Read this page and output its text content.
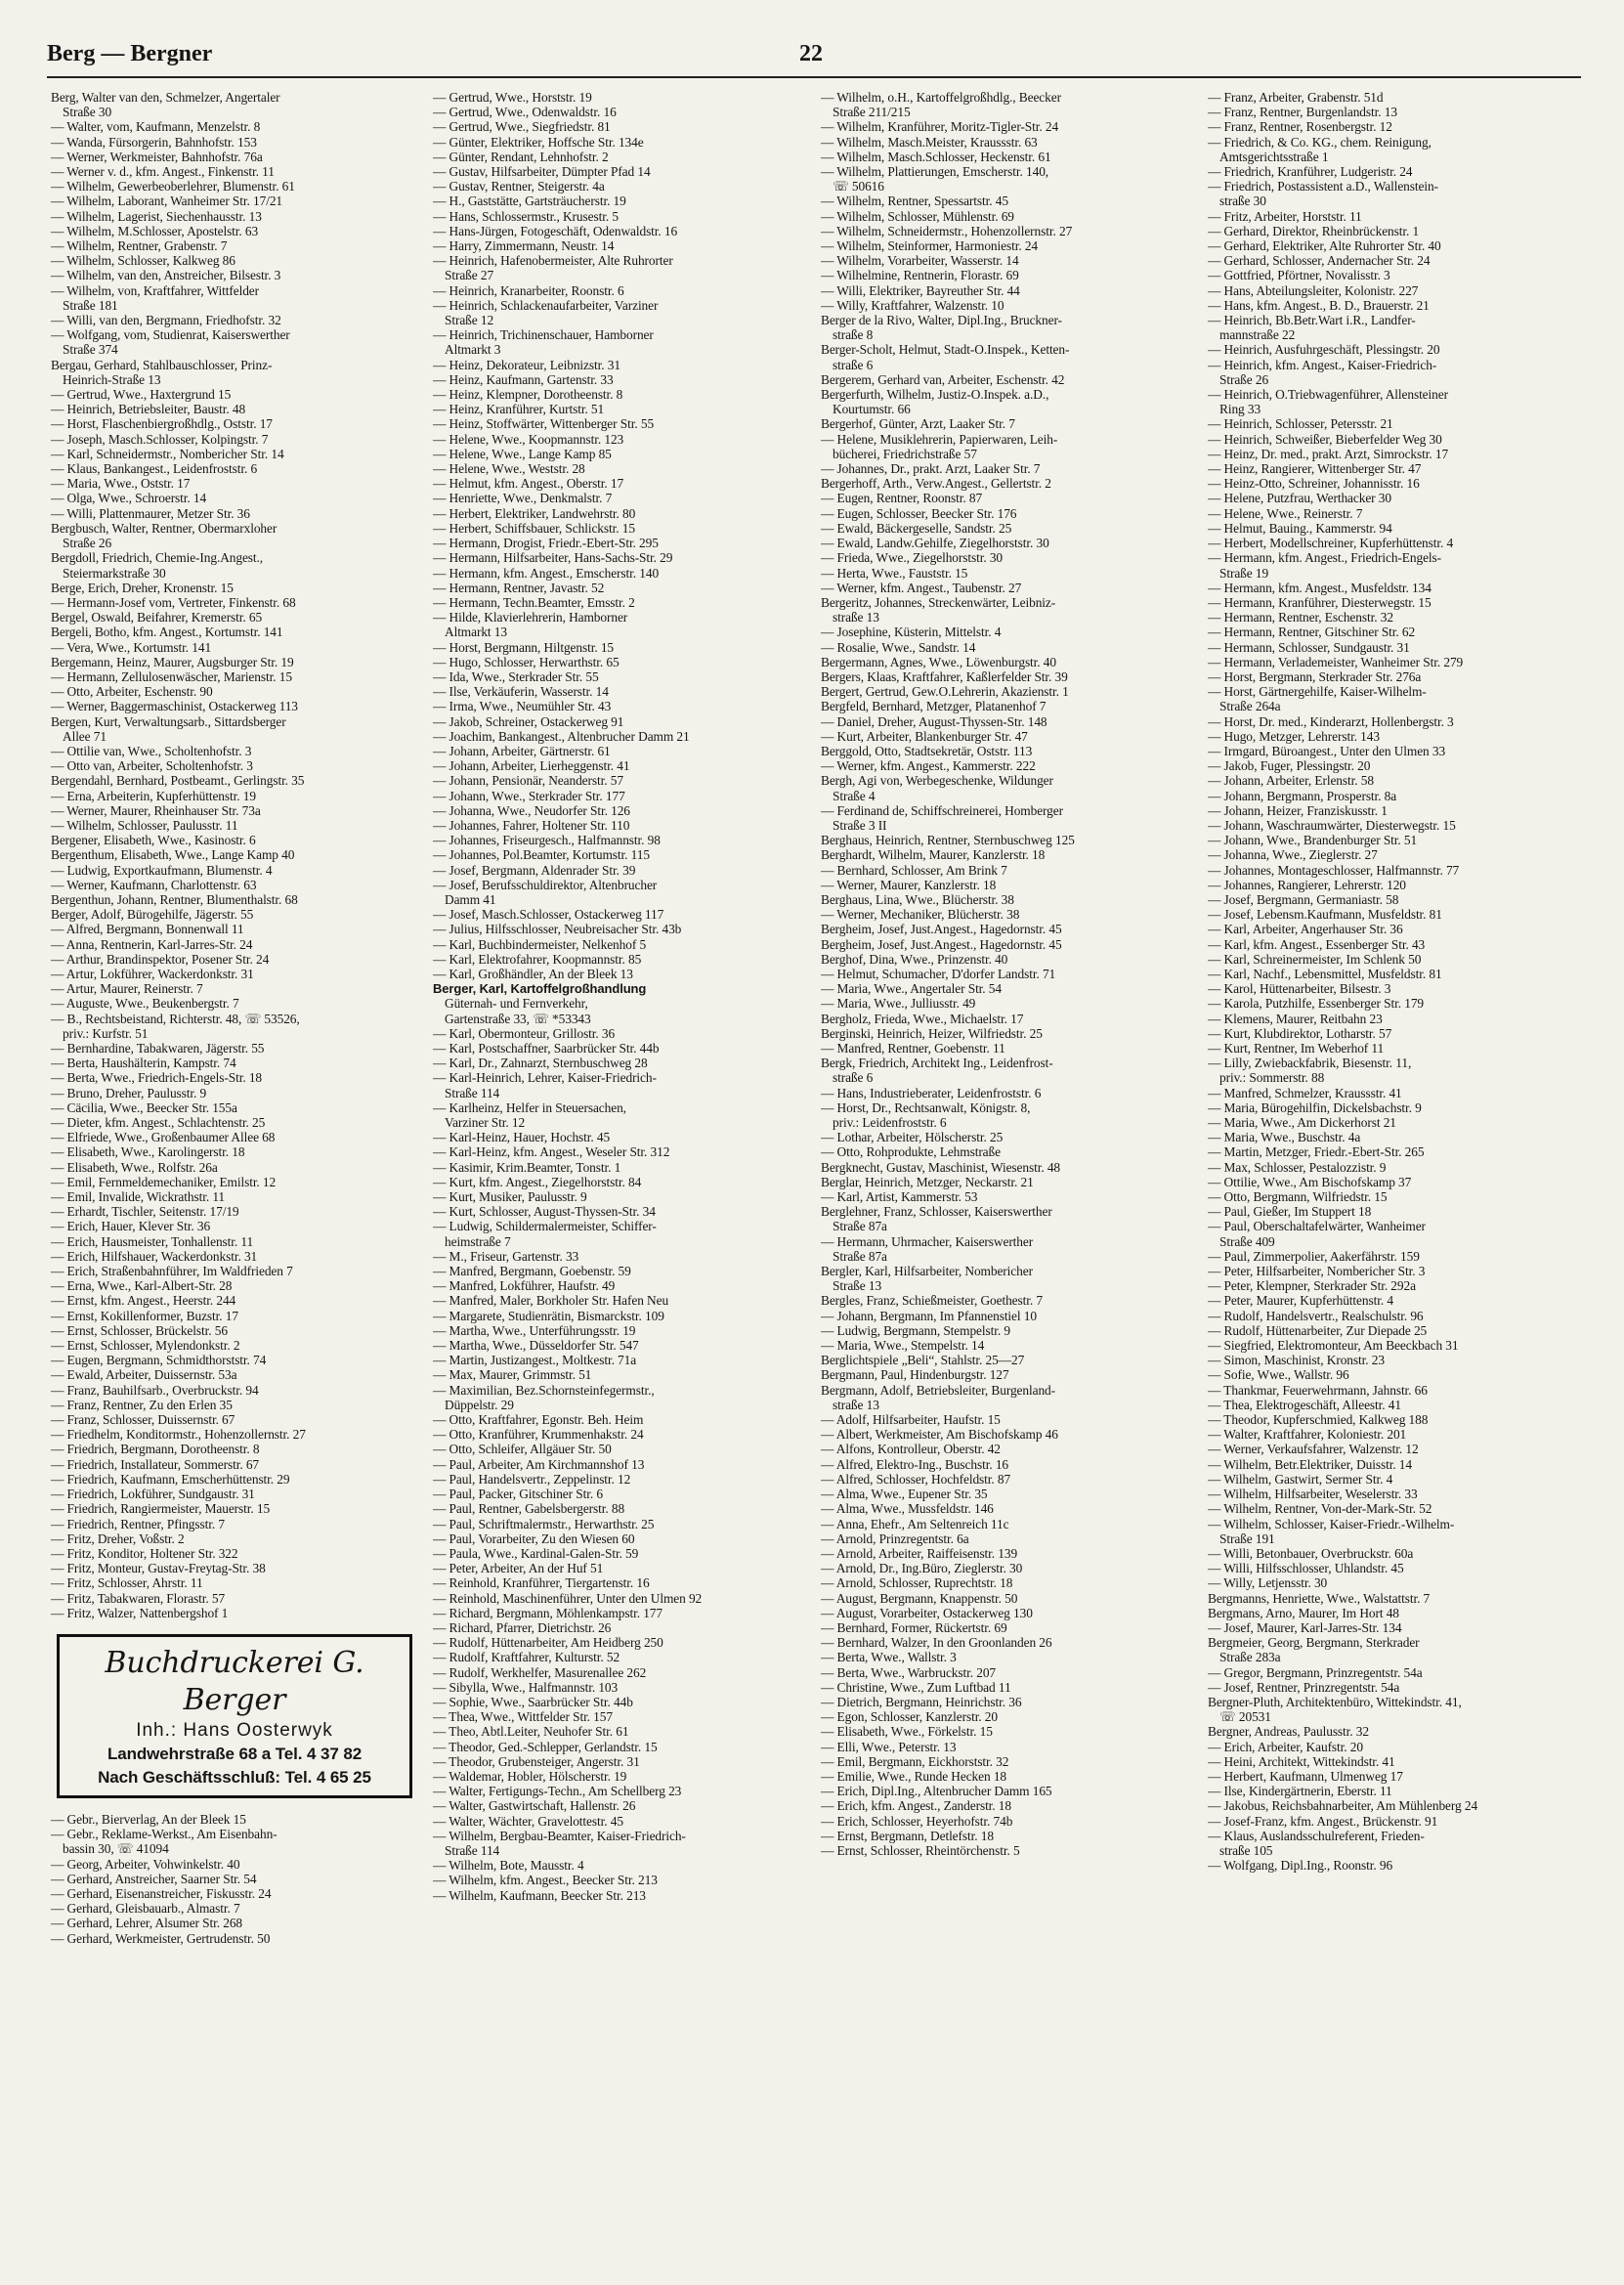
Berg — Bergner	22
Berg, Walter van den, Schmelzer, Angertaler
Straße 30
— Walter, vom, Kaufmann, Menzelstr. 8
— Wanda, Fürsorgerin, Bahnhofstr. 153
— Werner, Werkmeister, Bahnhofstr. 76a
— Werner v. d., kfm. Angest., Finkenstr. 11
— Wilhelm, Gewerbeoberlehrer, Blumenstr. 61
— Wilhelm, Laborant, Wanheimer Str. 17/21
— Wilhelm, Lagerist, Siechenhausstr. 13
— Wilhelm, M.Schlosser, Apostelstr. 63
— Wilhelm, Rentner, Grabenstr. 7
— Wilhelm, Schlosser, Kalkweg 86
— Wilhelm, van den, Anstreicher, Bilsestr. 3
— Wilhelm, von, Kraftfahrer, Wittfelder
Straße 181
— Willi, van den, Bergmann, Friedhofstr. 32
— Wolfgang, vom, Studienrat, Kaiserswerther
Straße 374
Bergau, Gerhard, Stahlbauschlosser, Prinz-
Heinrich-Straße 13
— Gertrud, Wwe., Haxtergrund 15
— Heinrich, Betriebsleiter, Baustr. 48
— Horst, Flaschenbiergroßhdlg., Oststr. 17
— Joseph, Masch.Schlosser, Kolpingstr. 7
— Karl, Schneidermstr., Nombericher Str. 14
— Klaus, Bankangest., Leidenfroststr. 6
— Maria, Wwe., Oststr. 17
— Olga, Wwe., Schroerstr. 14
— Willi, Plattenmaurer, Metzer Str. 36
Bergbusch, Walter, Rentner, Obermarxloher
Straße 26
Bergdoll, Friedrich, Chemie-Ing.Angest.,
Steiermarkstraße 30
Berge, Erich, Dreher, Kronenstr. 15
— Hermann-Josef vom, Vertreter, Finkenstr. 68
Bergel, Oswald, Beifahrer, Kremerstr. 65
Bergeli, Botho, kfm. Angest., Kortumstr. 141
— Vera, Wwe., Kortumstr. 141
Bergemann, Heinz, Maurer, Augsburger Str. 19
— Hermann, Zellulosenwäscher, Marienstr. 15
— Otto, Arbeiter, Eschenstr. 90
— Werner, Baggermaschinist, Ostackerweg 113
Bergen, Kurt, Verwaltungsarb., Sittardsberger
Allee 71
— Ottilie van, Wwe., Scholtenhofstr. 3
— Otto van, Arbeiter, Scholtenhofstr. 3
Bergendahl, Bernhard, Postbeamt., Gerlingstr. 35
— Erna, Arbeiterin, Kupferhüttenstr. 19
— Werner, Maurer, Rheinhauser Str. 73a
— Wilhelm, Schlosser, Paulusstr. 11
Bergener, Elisabeth, Wwe., Kasinostr. 6
Bergenthum, Elisabeth, Wwe., Lange Kamp 40
— Ludwig, Exportkaufmann, Blumenstr. 4
— Werner, Kaufmann, Charlottenstr. 63
Bergenthun, Johann, Rentner, Blumenthalstr. 68
Berger, Adolf, Bürogehilfe, Jägerstr. 55
— Alfred, Bergmann, Bonnenwall 11
— Anna, Rentnerin, Karl-Jarres-Str. 24
— Arthur, Brandinspektor, Posener Str. 24
— Artur, Lokführer, Wackerdonkstr. 31
— Artur, Maurer, Reinerstr. 7
— Auguste, Wwe., Beukenbergstr. 7
— B., Rechtsbeistand, Richterstr. 48, ☏ 53526,
priv.: Kurfstr. 51
— Bernhardine, Tabakwaren, Jägerstr. 55
— Berta, Haushälterin, Kampstr. 74
— Berta, Wwe., Friedrich-Engels-Str. 18
— Bruno, Dreher, Paulusstr. 9
— Cäcilia, Wwe., Beecker Str. 155a
— Dieter, kfm. Angest., Schlachtenstr. 25
— Elfriede, Wwe., Großenbaumer Allee 68
— Elisabeth, Wwe., Karolingerstr. 18
— Elisabeth, Wwe., Rolfstr. 26a
— Emil, Fernmeldemechaniker, Emilstr. 12
— Emil, Invalide, Wickrathstr. 11
— Erhardt, Tischler, Seitenstr. 17/19
— Erich, Hauer, Klever Str. 36
— Erich, Hausmeister, Tonhallenstr. 11
— Erich, Hilfshauer, Wackerdonkstr. 31
— Erich, Straßenbahnführer, Im Waldfrieden 7
— Erna, Wwe., Karl-Albert-Str. 28
— Ernst, kfm. Angest., Heerstr. 244
— Ernst, Kokillenformer, Buzstr. 17
— Ernst, Schlosser, Brückelstr. 56
— Ernst, Schlosser, Mylendonkstr. 2
— Eugen, Bergmann, Schmidthorststr. 74
— Ewald, Arbeiter, Duissernstr. 53a
— Franz, Bauhilfsarb., Overbruckstr. 94
— Franz, Rentner, Zu den Erlen 35
— Franz, Schlosser, Duissernstr. 67
— Friedhelm, Konditormstr., Hohenzollernstr. 27
— Friedrich, Bergmann, Dorotheenstr. 8
— Friedrich, Installateur, Sommerstr. 67
— Friedrich, Kaufmann, Emscherhüttenstr. 29
— Friedrich, Lokführer, Sundgaustr. 31
— Friedrich, Rangiermeister, Mauerstr. 15
— Friedrich, Rentner, Pfingsstr. 7
— Fritz, Dreher, Voßstr. 2
— Fritz, Konditor, Holtener Str. 322
— Fritz, Monteur, Gustav-Freytag-Str. 38
— Fritz, Schlosser, Ahrstr. 11
— Fritz, Tabakwaren, Florastr. 57
— Fritz, Walzer, Nattenbergshof 1
Buchdruckerei G. Berger
Inh.: Hans Oosterwyk
Landwehrstraße 68 a Tel. 4 37 82
Nach Geschäftsschluß: Tel. 4 65 25
— Gebr., Bierverlag, An der Bleek 15
— Gebr., Reklame-Werkst., Am Eisenbahn-
bassin 30, ☏ 41094
— Georg, Arbeiter, Vohwinkelstr. 40
— Gerhard, Anstreicher, Saarner Str. 54
— Gerhard, Eisenanstreicher, Fiskusstr. 24
— Gerhard, Gleisbauarb., Almastr. 7
— Gerhard, Lehrer, Alsumer Str. 268
— Gerhard, Werkmeister, Gertrudenstr. 50
— Gertrud, Wwe., Horststr. 19
— Gertrud, Wwe., Odenwaldstr. 16
— Gertrud, Wwe., Siegfriedstr. 81
— Günter, Elektriker, Hoffsche Str. 134e
— Günter, Rendant, Lehnhofstr. 2
— Gustav, Hilfsarbeiter, Dümpter Pfad 14
— Gustav, Rentner, Steigerstr. 4a
— H., Gaststätte, Gartsträucherstr. 19
— Hans, Schlossermstr., Krusestr. 5
— Hans-Jürgen, Fotogeschäft, Odenwaldstr. 16
— Harry, Zimmermann, Neustr. 14
— Heinrich, Hafenobermeister, Alte Ruhrorter
Straße 27
— Heinrich, Kranarbeiter, Roonstr. 6
— Heinrich, Schlackenaufarbeiter, Varziner
Straße 12
— Heinrich, Trichinenschauer, Hamborner
Altmarkt 3
— Heinz, Dekorateur, Leibnizstr. 31
— Heinz, Kaufmann, Gartenstr. 33
— Heinz, Klempner, Dorotheenstr. 8
— Heinz, Kranführer, Kurtstr. 51
— Heinz, Stoffwärter, Wittenberger Str. 55
— Helene, Wwe., Koopmannstr. 123
— Helene, Wwe., Lange Kamp 85
— Helene, Wwe., Weststr. 28
— Helmut, kfm. Angest., Oberstr. 17
— Henriette, Wwe., Denkmalstr. 7
— Herbert, Elektriker, Landwehrstr. 80
— Herbert, Schiffsbauer, Schlickstr. 15
— Hermann, Drogist, Friedr.-Ebert-Str. 295
— Hermann, Hilfsarbeiter, Hans-Sachs-Str. 29
— Hermann, kfm. Angest., Emscherstr. 140
— Hermann, Rentner, Javastr. 52
— Hermann, Techn.Beamter, Emsstr. 2
— Hilde, Klavierlehrerin, Hamborner
Altmarkt 13
— Horst, Bergmann, Hiltgenstr. 15
— Hugo, Schlosser, Herwarthstr. 65
— Ida, Wwe., Sterkrader Str. 55
— Ilse, Verkäuferin, Wasserstr. 14
— Irma, Wwe., Neumühler Str. 43
— Jakob, Schreiner, Ostackerweg 91
— Joachim, Bankangest., Altenbrucher Damm 21
— Johann, Arbeiter, Gärtnerstr. 61
— Johann, Arbeiter, Lierheggenstr. 41
— Johann, Pensionär, Neanderstr. 57
— Johann, Wwe., Sterkrader Str. 177
— Johanna, Wwe., Neudorfer Str. 126
— Johannes, Fahrer, Holtener Str. 110
— Johannes, Friseurgesch., Halfmannstr. 98
— Johannes, Pol.Beamter, Kortumstr. 115
— Josef, Bergmann, Aldenrader Str. 39
— Josef, Berufsschuldirektor, Altenbrucher
Damm 41
— Josef, Masch.Schlosser, Ostackerweg 117
— Julius, Hilfsschlosser, Neubreisacher Str. 43b
— Karl, Buchbindermeister, Nelkenhof 5
— Karl, Elektrofahrer, Koopmannstr. 85
— Karl, Großhändler, An der Bleek 13
Berger, Karl, Kartoffelgroßhandlung
Güternah- und Fernverkehr,
Gartenstraße 33, ☏ *53343
— Karl, Obermonteur, Grillostr. 36
— Karl, Postschaffner, Saarbrücker Str. 44b
— Karl, Dr., Zahnarzt, Sternbuschweg 28
— Karl-Heinrich, Lehrer, Kaiser-Friedrich-
Straße 114
— Karlheinz, Helfer in Steuersachen,
Varziner Str. 12
— Karl-Heinz, Hauer, Hochstr. 45
— Karl-Heinz, kfm. Angest., Weseler Str. 312
— Kasimir, Krim.Beamter, Tonstr. 1
— Kurt, kfm. Angest., Ziegelhorststr. 84
— Kurt, Musiker, Paulusstr. 9
— Kurt, Schlosser, August-Thyssen-Str. 34
— Ludwig, Schildermalermeister, Schiffer-
heimstraße 7
— M., Friseur, Gartenstr. 33
— Manfred, Bergmann, Goebenstr. 59
— Manfred, Lokführer, Haufstr. 49
— Manfred, Maler, Borkholer Str. Hafen Neu
— Margarete, Studienrätin, Bismarckstr. 109
— Martha, Wwe., Unterführungsstr. 19
— Martha, Wwe., Düsseldorfer Str. 547
— Martin, Justizangest., Moltkestr. 71a
— Max, Maurer, Grimmstr. 51
— Maximilian, Bez.Schornsteinfegermstr.,
Düppelstr. 29
— Otto, Kraftfahrer, Egonstr. Beh. Heim
— Otto, Kranführer, Krummenhakstr. 24
— Otto, Schleifer, Allgäuer Str. 50
— Paul, Arbeiter, Am Kirchmannshof 13
— Paul, Handelsvertr., Zeppelinstr. 12
— Paul, Packer, Gitschiner Str. 6
— Paul, Rentner, Gabelsbergerstr. 88
— Paul, Schriftmalermstr., Herwarthstr. 25
— Paul, Vorarbeiter, Zu den Wiesen 60
— Paula, Wwe., Kardinal-Galen-Str. 59
— Peter, Arbeiter, An der Huf 51
— Reinhold, Kranführer, Tiergartenstr. 16
— Reinhold, Maschinenführer, Unter den Ulmen 92
— Richard, Bergmann, Möhlenkampstr. 177
— Richard, Pfarrer, Dietrichstr. 26
— Rudolf, Hüttenarbeiter, Am Heidberg 250
— Rudolf, Kraftfahrer, Kulturstr. 52
— Rudolf, Werkhelfer, Masurenallee 262
— Sibylla, Wwe., Halfmannstr. 103
— Sophie, Wwe., Saarbrücker Str. 44b
— Thea, Wwe., Wittfelder Str. 157
— Theo, Abtl.Leiter, Neuhofer Str. 61
— Theodor, Ged.-Schlepper, Gerlandstr. 15
— Theodor, Grubensteiger, Angerstr. 31
— Waldemar, Hobler, Hölscherstr. 19
— Walter, Fertigungs-Techn., Am Schellberg 23
— Walter, Gastwirtschaft, Hallenstr. 26
— Walter, Wächter, Gravelottestr. 45
— Wilhelm, Bergbau-Beamter, Kaiser-Friedrich-
Straße 114
— Wilhelm, Bote, Mausstr. 4
— Wilhelm, kfm. Angest., Beecker Str. 213
— Wilhelm, Kaufmann, Beecker Str. 213
— Wilhelm, o.H., Kartoffelgroßhdlg., Beecker
Straße 211/215
— Wilhelm, Kranführer, Moritz-Tigler-Str. 24
— Wilhelm, Masch.Meister, Kraussstr. 63
— Wilhelm, Masch.Schlosser, Heckenstr. 61
— Wilhelm, Plattierungen, Emscherstr. 140,
☏ 50616
— Wilhelm, Rentner, Spessartstr. 45
— Wilhelm, Schlosser, Mühlenstr. 69
— Wilhelm, Schneidermstr., Hohenzollernstr. 27
— Wilhelm, Steinformer, Harmoniestr. 24
— Wilhelm, Vorarbeiter, Wasserstr. 14
— Wilhelmine, Rentnerin, Florastr. 69
— Willi, Elektriker, Bayreuther Str. 44
— Willy, Kraftfahrer, Walzenstr. 10
Berger de la Rivo, Walter, Dipl.Ing., Bruckner-
straße 8
Berger-Scholt, Helmut, Stadt-O.Inspek., Ketten-
straße 6
Bergerem, Gerhard van, Arbeiter, Eschenstr. 42
Bergerfurth, Wilhelm, Justiz-O.Inspek. a.D.,
Kourtumstr. 66
Bergerhof, Günter, Arzt, Laaker Str. 7
— Helene, Musiklehrerin, Papierwaren, Leih-
bücherei, Friedrichstraße 57
— Johannes, Dr., prakt. Arzt, Laaker Str. 7
Bergerhoff, Arth., Verw.Angest., Gellertstr. 2
— Eugen, Rentner, Roonstr. 87
— Eugen, Schlosser, Beecker Str. 176
— Ewald, Bäckergeselle, Sandstr. 25
— Ewald, Landw.Gehilfe, Ziegelhorststr. 30
— Frieda, Wwe., Ziegelhorststr. 30
— Herta, Wwe., Fauststr. 15
— Werner, kfm. Angest., Taubenstr. 27
Bergeritz, Johannes, Streckenwärter, Leibniz-
straße 13
— Josephine, Küsterin, Mittelstr. 4
— Rosalie, Wwe., Sandstr. 14
Bergermann, Agnes, Wwe., Löwenburgstr. 40
Bergers, Klaas, Kraftfahrer, Kaßlerfelder Str. 39
Bergert, Gertrud, Gew.O.Lehrerin, Akazienstr. 1
Bergfeld, Bernhard, Metzger, Platanenhof 7
— Daniel, Dreher, August-Thyssen-Str. 148
— Kurt, Arbeiter, Blankenburger Str. 47
Berggold, Otto, Stadtsekretär, Oststr. 113
— Werner, kfm. Angest., Kammerstr. 222
Bergh, Agi von, Werbegeschenke, Wildunger
Straße 4
— Ferdinand de, Schiffschreinerei, Homberger
Straße 3 II
Berghaus, Heinrich, Rentner, Sternbuschweg 125
Berghardt, Wilhelm, Maurer, Kanzlerstr. 18
— Bernhard, Schlosser, Am Brink 7
— Werner, Maurer, Kanzlerstr. 18
Berghaus, Lina, Wwe., Blücherstr. 38
— Werner, Mechaniker, Blücherstr. 38
Bergheim, Josef, Just.Angest., Hagedornstr. 45
Bergheim, Josef, Just.Angest., Hagedornstr. 45
Berghof, Dina, Wwe., Prinzenstr. 40
— Helmut, Schumacher, D'dorfer Landstr. 71
— Maria, Wwe., Angertaler Str. 54
— Maria, Wwe., Julliusstr. 49
Bergholz, Frieda, Wwe., Michaelstr. 17
Berginski, Heinrich, Heizer, Wilfriedstr. 25
— Manfred, Rentner, Goebenstr. 11
Bergk, Friedrich, Architekt Ing., Leidenfrost-
straße 6
— Hans, Industrieberater, Leidenfroststr. 6
— Horst, Dr., Rechtsanwalt, Königstr. 8,
priv.: Leidenfroststr. 6
— Lothar, Arbeiter, Hölscherstr. 25
— Otto, Rohprodukte, Lehmstraße
Bergknecht, Gustav, Maschinist, Wiesenstr. 48
Berglar, Heinrich, Metzger, Neckarstr. 21
— Karl, Artist, Kammerstr. 53
Berglehner, Franz, Schlosser, Kaiserswerther
Straße 87a
— Hermann, Uhrmacher, Kaiserswerther
Straße 87a
Bergler, Karl, Hilfsarbeiter, Nombericher
Straße 13
Bergles, Franz, Schießmeister, Goethestr. 7
— Johann, Bergmann, Im Pfannenstiel 10
— Ludwig, Bergmann, Stempelstr. 9
— Maria, Wwe., Stempelstr. 14
Berglichtspiele „Beli“, Stahlstr. 25—27
Bergmann, Paul, Hindenburgstr. 127
Bergmann, Adolf, Betriebsleiter, Burgenland-
straße 13
— Adolf, Hilfsarbeiter, Haufstr. 15
— Albert, Werkmeister, Am Bischofskamp 46
— Alfons, Kontrolleur, Oberstr. 42
— Alfred, Elektro-Ing., Buschstr. 16
— Alfred, Schlosser, Hochfeldstr. 87
— Alma, Wwe., Eupener Str. 35
— Alma, Wwe., Mussfeldstr. 146
— Anna, Ehefr., Am Seltenreich 11c
— Arnold, Prinzregentstr. 6a
— Arnold, Arbeiter, Raiffeisenstr. 139
— Arnold, Dr., Ing.Büro, Zieglerstr. 30
— Arnold, Schlosser, Ruprechtstr. 18
— August, Bergmann, Knappenstr. 50
— August, Vorarbeiter, Ostackerweg 130
— Bernhard, Former, Rückertstr. 69
— Bernhard, Walzer, In den Groonlanden 26
— Berta, Wwe., Wallstr. 3
— Berta, Wwe., Warbruckstr. 207
— Christine, Wwe., Zum Luftbad 11
— Dietrich, Bergmann, Heinrichstr. 36
— Egon, Schlosser, Kanzlerstr. 20
— Elisabeth, Wwe., Förkelstr. 15
— Elli, Wwe., Peterstr. 13
— Emil, Bergmann, Eickhorststr. 32
— Emilie, Wwe., Runde Hecken 18
— Erich, Dipl.Ing., Altenbrucher Damm 165
— Erich, kfm. Angest., Zanderstr. 18
— Erich, Schlosser, Heyerhofstr. 74b
— Ernst, Bergmann, Detlefstr. 18
— Ernst, Schlosser, Rheintörchenstr. 5
— Franz, Arbeiter, Grabenstr. 51d
— Franz, Rentner, Burgenlandstr. 13
— Franz, Rentner, Rosenbergstr. 12
— Friedrich, & Co. KG., chem. Reinigung,
Amtsgerichtsstraße 1
— Friedrich, Kranführer, Ludgeristr. 24
— Friedrich, Postassistent a.D., Wallenstein-
straße 30
— Fritz, Arbeiter, Horststr. 11
— Gerhard, Direktor, Rheinbrückenstr. 1
— Gerhard, Elektriker, Alte Ruhrorter Str. 40
— Gerhard, Schlosser, Andernacher Str. 24
— Gottfried, Pförtner, Novalisstr. 3
— Hans, Abteilungsleiter, Kolonistr. 227
— Hans, kfm. Angest., B. D., Brauerstr. 21
— Heinrich, Bb.Betr.Wart i.R., Landfer-
mannstraße 22
— Heinrich, Ausfuhrgeschäft, Plessingstr. 20
— Heinrich, kfm. Angest., Kaiser-Friedrich-
Straße 26
— Heinrich, O.Triebwagenführer, Allensteiner
Ring 33
— Heinrich, Schlosser, Petersstr. 21
— Heinrich, Schweißer, Bieberfelder Weg 30
— Heinz, Dr. med., prakt. Arzt, Simrockstr. 17
— Heinz, Rangierer, Wittenberger Str. 47
— Heinz-Otto, Schreiner, Johannisstr. 16
— Helene, Putzfrau, Werthacker 30
— Helene, Wwe., Reinerstr. 7
— Helmut, Bauing., Kammerstr. 94
— Herbert, Modellschreiner, Kupferhüttenstr. 4
— Hermann, kfm. Angest., Friedrich-Engels-
Straße 19
— Hermann, kfm. Angest., Musfeldstr. 134
— Hermann, Kranführer, Diesterwegstr. 15
— Hermann, Rentner, Eschenstr. 32
— Hermann, Rentner, Gitschiner Str. 62
— Hermann, Schlosser, Sundgaustr. 31
— Hermann, Verlademeister, Wanheimer Str. 279
— Horst, Bergmann, Sterkrader Str. 276a
— Horst, Gärtnergehilfe, Kaiser-Wilhelm-
Straße 264a
— Horst, Dr. med., Kinderarzt, Hollenbergstr. 3
— Hugo, Metzger, Lehrerstr. 143
— Irmgard, Büroangest., Unter den Ulmen 33
— Jakob, Fuger, Plessingstr. 20
— Johann, Arbeiter, Erlenstr. 58
— Johann, Bergmann, Prosperstr. 8a
— Johann, Heizer, Franziskusstr. 1
— Johann, Waschraumwärter, Diesterwegstr. 15
— Johann, Wwe., Brandenburger Str. 51
— Johanna, Wwe., Zieglerstr. 27
— Johannes, Montageschlosser, Halfmannstr. 77
— Johannes, Rangierer, Lehrerstr. 120
— Josef, Bergmann, Germaniastr. 58
— Josef, Lebensm.Kaufmann, Musfeldstr. 81
— Karl, Arbeiter, Angerhauser Str. 36
— Karl, kfm. Angest., Essenberger Str. 43
— Karl, Schreinermeister, Im Schlenk 50
— Karl, Nachf., Lebensmittel, Musfeldstr. 81
— Karol, Hüttenarbeiter, Bilsestr. 3
— Karola, Putzhilfe, Essenberger Str. 179
— Klemens, Maurer, Reitbahn 23
— Kurt, Klubdirektor, Lotharstr. 57
— Kurt, Rentner, Im Weberhof 11
— Lilly, Zwiebackfabrik, Biesenstr. 11,
priv.: Sommerstr. 88
— Manfred, Schmelzer, Kraussstr. 41
— Maria, Bürogehilfin, Dickelsbachstr. 9
— Maria, Wwe., Am Dickerhorst 21
— Maria, Wwe., Buschstr. 4a
— Martin, Metzger, Friedr.-Ebert-Str. 265
— Max, Schlosser, Pestalozzistr. 9
— Ottilie, Wwe., Am Bischofskamp 37
— Otto, Bergmann, Wilfriedstr. 15
— Paul, Gießer, Im Stuppert 18
— Paul, Oberschaltafelwärter, Wanheimer
Straße 409
— Paul, Zimmerpolier, Aakerfährstr. 159
— Peter, Hilfsarbeiter, Nombericher Str. 3
— Peter, Klempner, Sterkrader Str. 292a
— Peter, Maurer, Kupferhüttenstr. 4
— Rudolf, Handelsvertr., Realschulstr. 96
— Rudolf, Hüttenarbeiter, Zur Diepade 25
— Siegfried, Elektromonteur, Am Beeckbach 31
— Simon, Maschinist, Kronstr. 23
— Sofie, Wwe., Wallstr. 96
— Thankmar, Feuerwehrmann, Jahnstr. 66
— Thea, Elektrogeschäft, Alleestr. 41
— Theodor, Kupferschmied, Kalkweg 188
— Walter, Kraftfahrer, Koloniestr. 201
— Werner, Verkaufsfahrer, Walzenstr. 12
— Wilhelm, Betr.Elektriker, Duisstr. 14
— Wilhelm, Gastwirt, Sermer Str. 4
— Wilhelm, Hilfsarbeiter, Weselerstr. 33
— Wilhelm, Rentner, Von-der-Mark-Str. 52
— Wilhelm, Schlosser, Kaiser-Friedr.-Wilhelm-
Straße 191
— Willi, Betonbauer, Overbruckstr. 60a
— Willi, Hilfsschlosser, Uhlandstr. 45
— Willy, Letjensstr. 30
Bergmanns, Henriette, Wwe., Walstattstr. 7
Bergmans, Arno, Maurer, Im Hort 48
— Josef, Maurer, Karl-Jarres-Str. 134
Bergmeier, Georg, Bergmann, Sterkrader
Straße 283a
— Gregor, Bergmann, Prinzregentstr. 54a
— Josef, Rentner, Prinzregentstr. 54a
Bergner-Pluth, Architektenbüro, Wittekindstr. 41,
☏ 20531
Bergner, Andreas, Paulusstr. 32
— Erich, Arbeiter, Kaufstr. 20
— Heini, Architekt, Wittekindstr. 41
— Herbert, Kaufmann, Ulmenweg 17
— Ilse, Kindergärtnerin, Eberstr. 11
— Jakobus, Reichsbahnarbeiter, Am Mühlenberg 24
— Josef-Franz, kfm. Angest., Brückenstr. 91
— Klaus, Auslandsschulreferent, Frieden-
straße 105
— Wolfgang, Dipl.Ing., Roonstr. 96
